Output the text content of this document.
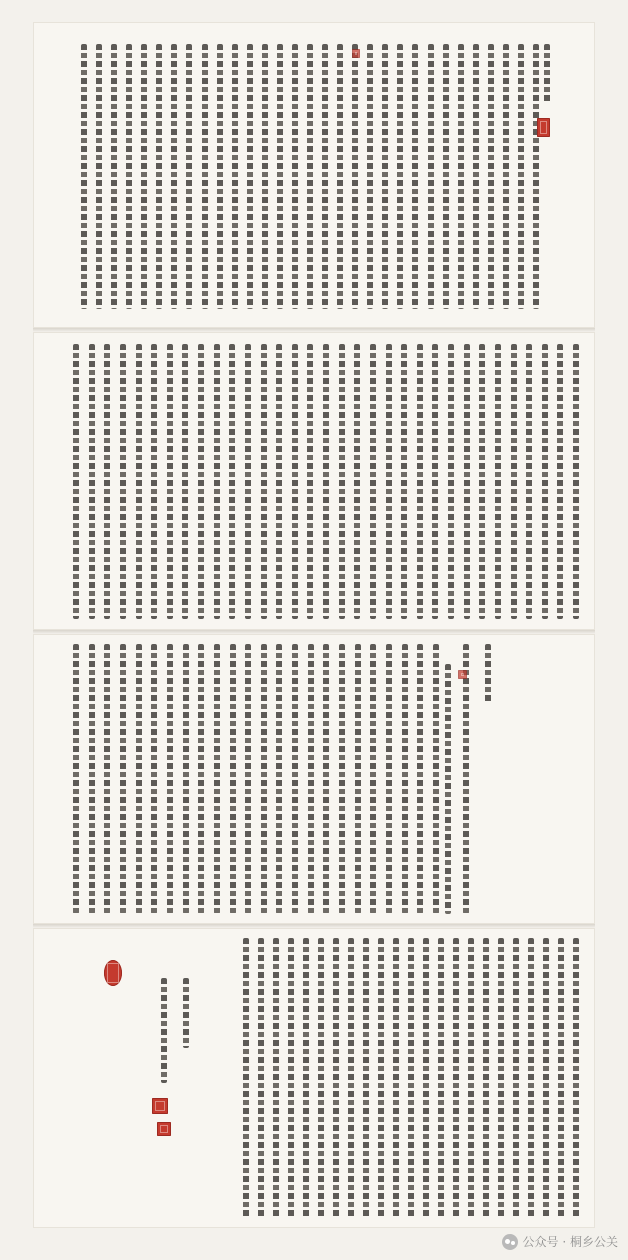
公众号 · 桐乡公关
